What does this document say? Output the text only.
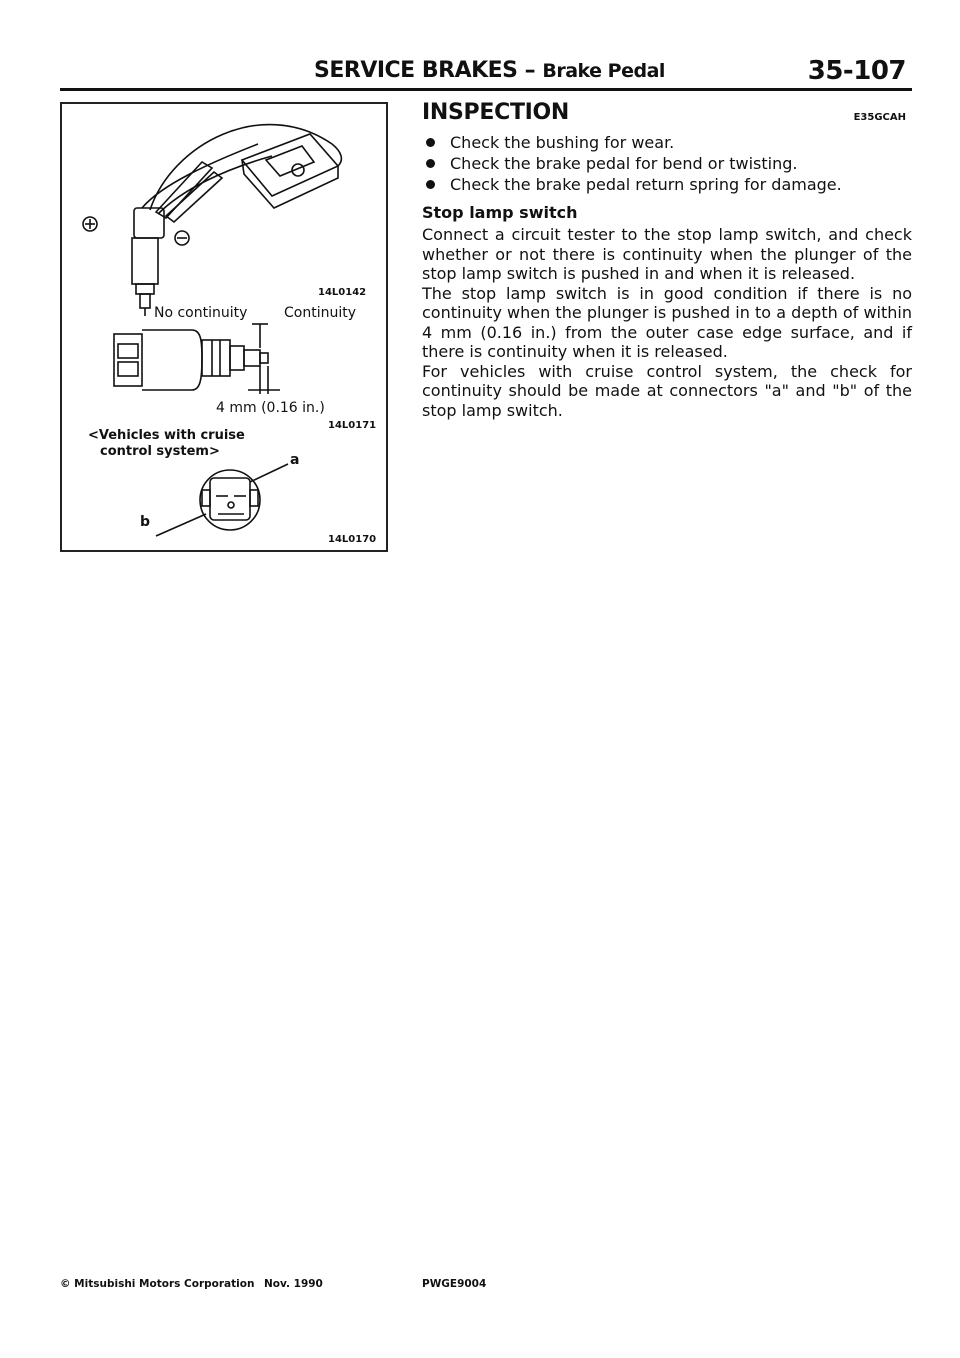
SERVICE BRAKES – Brake Pedal	35-107
14L0142
No continuity	Continuity
4 mm (0.16 in.)
14L0171
<Vehicles with cruise
control system>
a
b
14L0170
INSPECTION	E35GCAH
Check the bushing for wear.
Check the brake pedal for bend or twisting.
Check the brake pedal return spring for damage.
Stop lamp switch

Connect a circuit tester to the stop lamp switch, and check whether or not there is continuity when the plunger of the stop lamp switch is pushed in and when it is released.

The stop lamp switch is in good condition if there is no continuity when the plunger is pushed in to a depth of within 4 mm (0.16 in.) from the outer case edge surface, and if there is continuity when it is released.

For vehicles with cruise control system, the check for continuity should be made at connectors "a" and "b" of the stop lamp switch.

© Mitsubishi Motors Corporation Nov. 1990	PWGE9004
